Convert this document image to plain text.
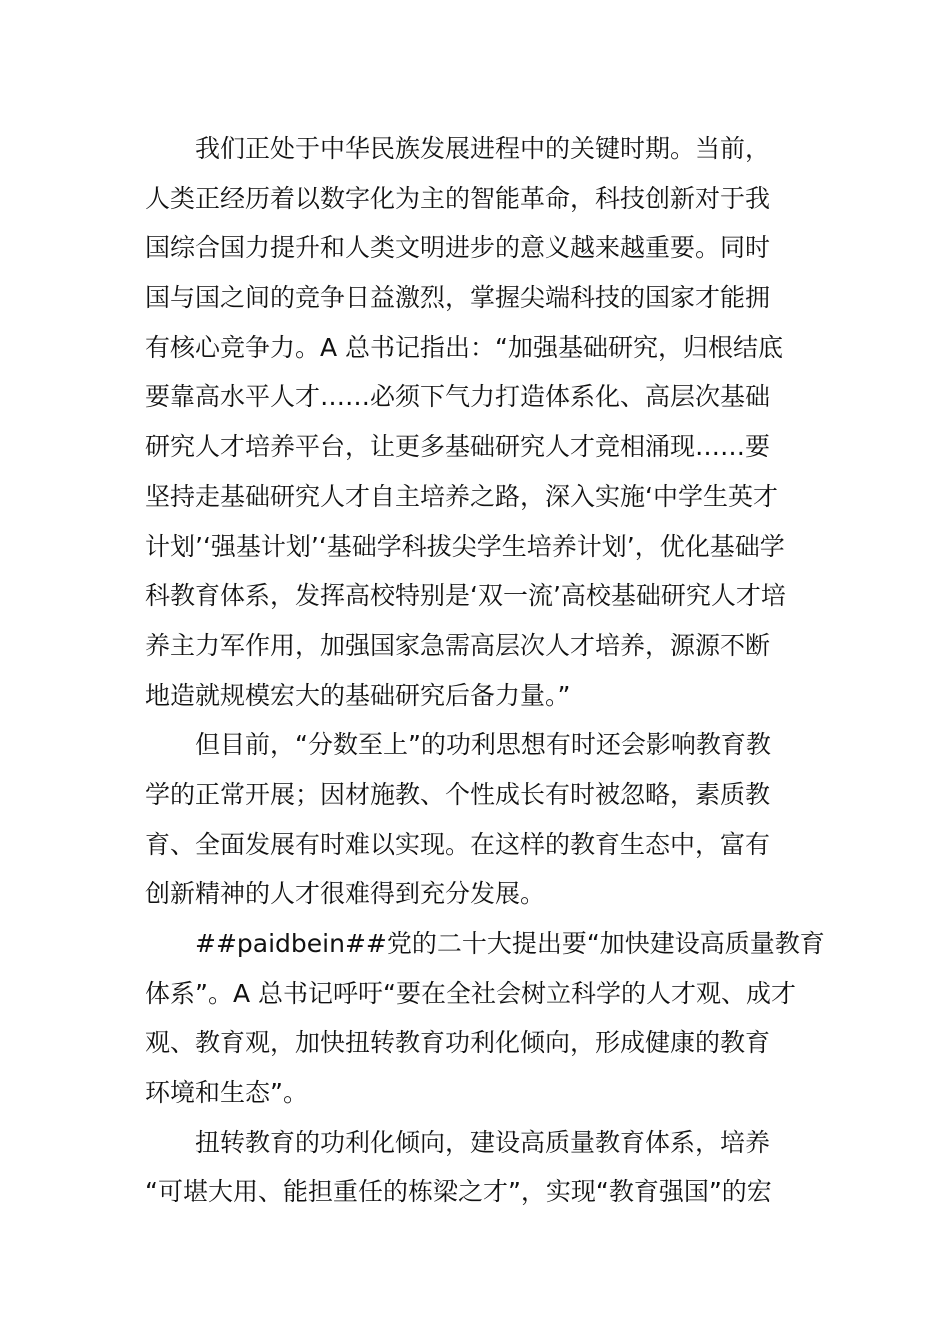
我们正处于中华民族发展进程中的关键时期。当前，
人类正经历着以数字化为主的智能革命，科技创新对于我
国综合国力提升和人类文明进步的意义越来越重要。同时
国与国之间的竞争日益激烈，掌握尖端科技的国家才能拥
有核心竞争力。A 总书记指出：“加强基础研究，归根结底
要靠高水平人才……必须下气力打造体系化、高层次基础
研究人才培养平台，让更多基础研究人才竞相涌现……要
坚持走基础研究人才自主培养之路，深入实施‘中学生英才
计划’‘强基计划’‘基础学科拔尖学生培养计划’，优化基础学
科教育体系，发挥高校特别是‘双一流’高校基础研究人才培
养主力军作用，加强国家急需高层次人才培养，源源不断
地造就规模宏大的基础研究后备力量。”
但目前，“分数至上”的功利思想有时还会影响教育教
学的正常开展；因材施教、个性成长有时被忽略，素质教
育、全面发展有时难以实现。在这样的教育生态中，富有
创新精神的人才很难得到充分发展。
##paidbein##党的二十大提出要“加快建设高质量教育
体系”。A 总书记呼吁“要在全社会树立科学的人才观、成才
观、教育观，加快扭转教育功利化倾向，形成健康的教育
环境和生态”。
扭转教育的功利化倾向，建设高质量教育体系，培养
“可堪大用、能担重任的栋梁之才”，实现“教育强国”的宏
